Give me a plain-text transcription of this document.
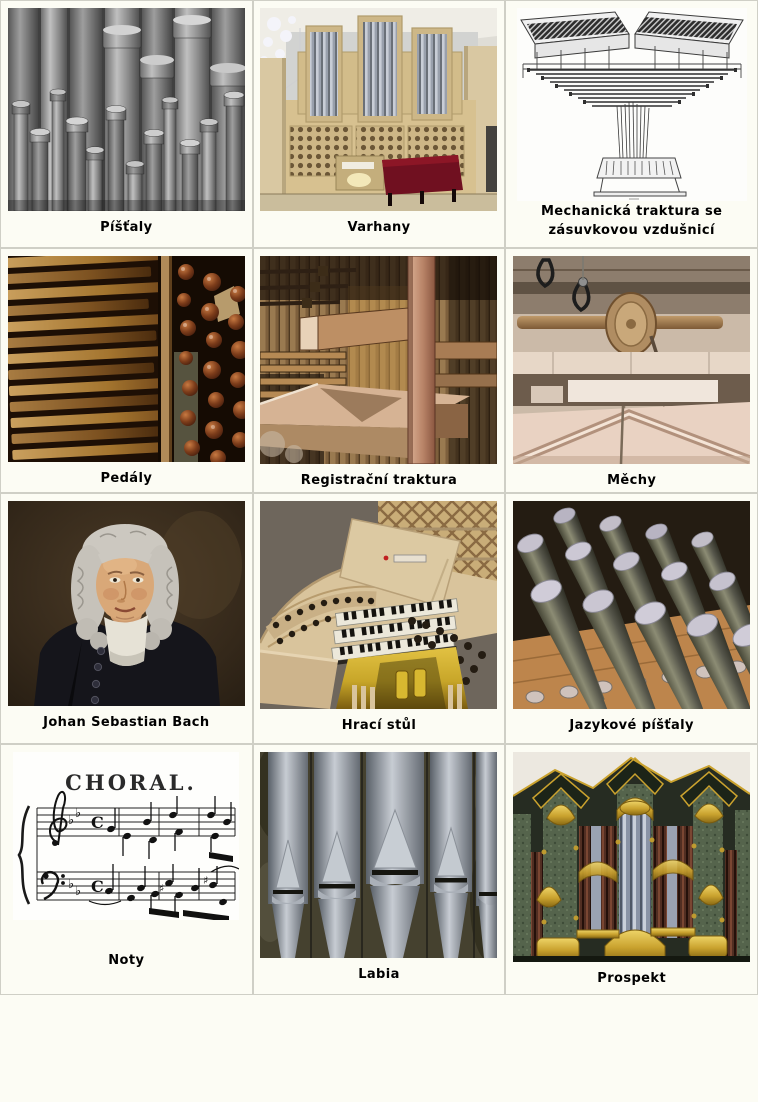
Píšťaly	Varhany
Mechanická traktura se zásuvkovou vzdušnicí
Pedály	Registrační traktura	Měchy
Johan Sebastian Bach	Hrací stůl	Jazykové píšťaly
CHORAL.
♭ ♭
♭ ♭
C
C	♯
♯
Noty
Labia	Prospekt
